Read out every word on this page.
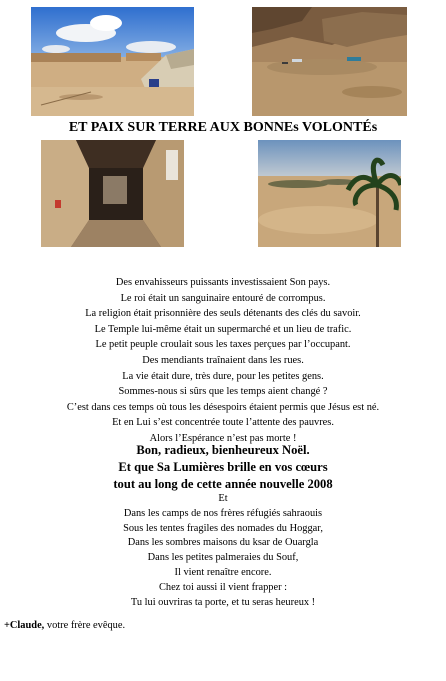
ET PAIX SUR TERRE AUX BONNEs VOLONTÉs
Des envahisseurs puissants investissaient Son pays.
Le roi était un sanguinaire entouré de corrompus.
La religion était prisonnière des seuls détenants des clés du savoir.
Le Temple lui-même était un supermarché et un lieu de trafic.
Le petit peuple croulait sous les taxes perçues par l’occupant.
Des mendiants traînaient dans les rues.
La vie était dure, très dure, pour les petites gens.
Sommes-nous si sûrs que les temps aient changé ?
C’est dans ces temps où tous les désespoirs étaient permis que Jésus est né.
Et en Lui s’est concentrée toute l’attente des pauvres.
Alors l’Espérance n’est pas morte !
Bon, radieux, bienheureux Noël.
Et que Sa Lumières brille en vos cœurs
tout au long de cette année nouvelle 2008
Et
Dans les camps de nos frères réfugiés sahraouis
Sous les tentes fragiles des nomades du Hoggar,
Dans les sombres maisons du ksar de Ouargla
Dans les petites palmeraies du Souf,
Il vient renaître encore.
Chez toi aussi il vient frapper :
Tu lui ouvriras ta porte, et tu seras heureux !
+Claude, votre frère evêque.
